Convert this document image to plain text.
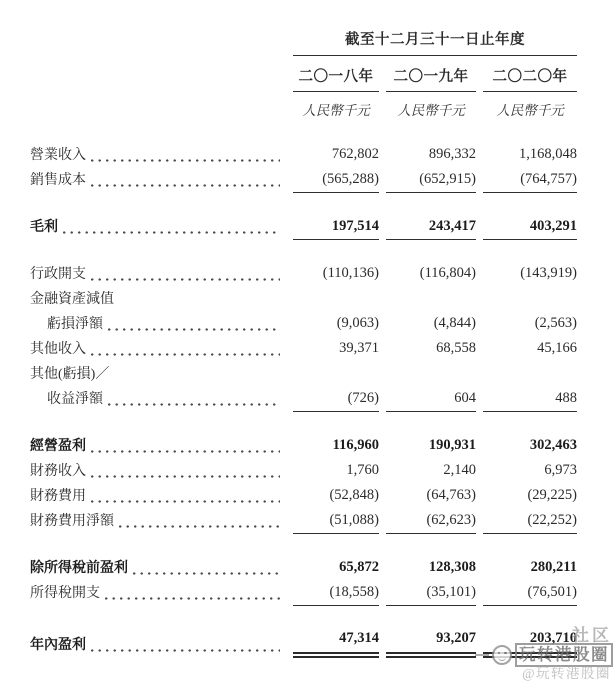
截至十二月三十一日止年度
二〇一八年	二〇一九年	二〇二〇年
人民幣千元	人民幣千元	人民幣千元
營業收入	762,802	896,332	1,168,048
銷售成本	(565,288)	(652,915)	(764,757)
毛利	197,514	243,417	403,291
行政開支	(110,136)	(116,804)	(143,919)
金融資產減值
虧損淨額	(9,063)	(4,844)	(2,563)
其他收入	39,371	68,558	45,166
其他(虧損)／
收益淨額	(726)	604	488
經營盈利	116,960	190,931	302,463
財務收入	1,760	2,140	6,973
財務費用	(52,848)	(64,763)	(29,225)
財務費用淨額	(51,088)	(62,623)	(22,252)
除所得稅前盈利	65,872	128,308	280,211
所得稅開支	(18,558)	(35,101)	(76,501)
年內盈利	47,314	93,207	203,710
社区
玩转港股圈
@玩转港股圈
